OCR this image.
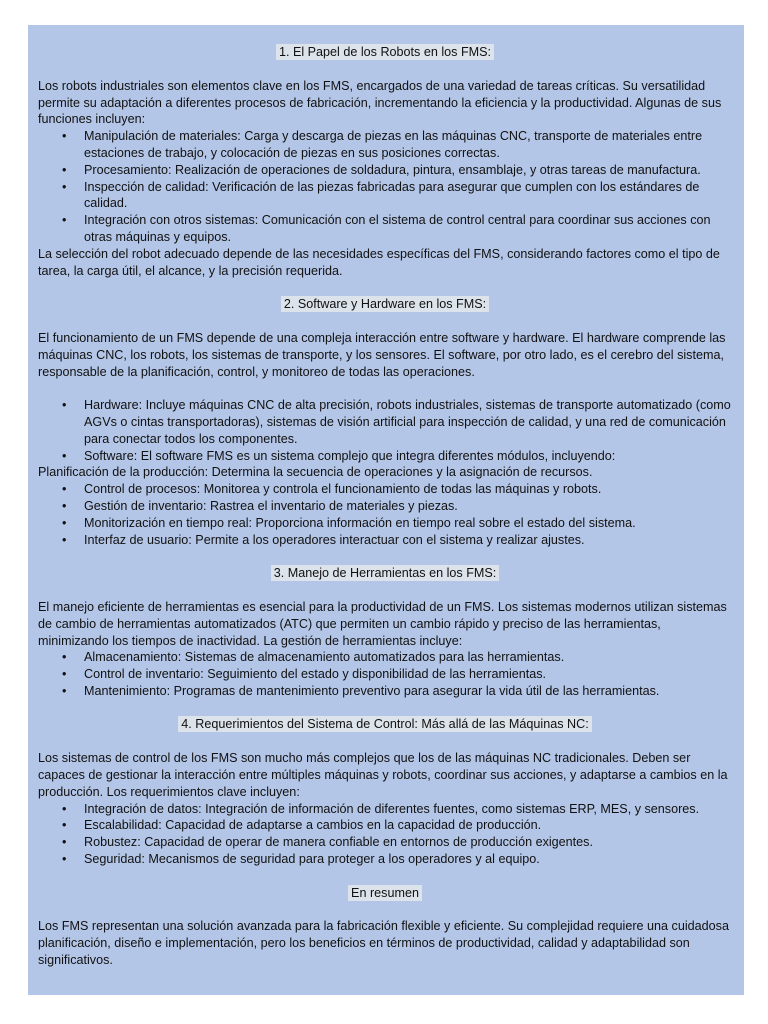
1. El Papel de los Robots en los FMS:

Los robots industriales son elementos clave en los FMS, encargados de una variedad de tareas críticas. Su versatilidad permite su adaptación a diferentes procesos de fabricación, incrementando la eficiencia y la productividad. Algunas de sus funciones incluyen:

• Manipulación de materiales: Carga y descarga de piezas en las máquinas CNC, transporte de materiales entre estaciones de trabajo, y colocación de piezas en sus posiciones correctas.
• Procesamiento: Realización de operaciones de soldadura, pintura, ensamblaje, y otras tareas de manufactura.
• Inspección de calidad: Verificación de las piezas fabricadas para asegurar que cumplen con los estándares de calidad.
• Integración con otros sistemas: Comunicación con el sistema de control central para coordinar sus acciones con otras máquinas y equipos.

La selección del robot adecuado depende de las necesidades específicas del FMS, considerando factores como el tipo de tarea, la carga útil, el alcance, y la precisión requerida.

2. Software y Hardware en los FMS:

El funcionamiento de un FMS depende de una compleja interacción entre software y hardware. El hardware comprende las máquinas CNC, los robots, los sistemas de transporte, y los sensores. El software, por otro lado, es el cerebro del sistema, responsable de la planificación, control, y monitoreo de todas las operaciones.

• Hardware: Incluye máquinas CNC de alta precisión, robots industriales, sistemas de transporte automatizado (como AGVs o cintas transportadoras), sistemas de visión artificial para inspección de calidad, y una red de comunicación para conectar todos los componentes.
• Software: El software FMS es un sistema complejo que integra diferentes módulos, incluyendo:

Planificación de la producción: Determina la secuencia de operaciones y la asignación de recursos.

• Control de procesos: Monitorea y controla el funcionamiento de todas las máquinas y robots.
• Gestión de inventario: Rastrea el inventario de materiales y piezas.
• Monitorización en tiempo real: Proporciona información en tiempo real sobre el estado del sistema.
• Interfaz de usuario: Permite a los operadores interactuar con el sistema y realizar ajustes.
3. Manejo de Herramientas en los FMS:

El manejo eficiente de herramientas es esencial para la productividad de un FMS. Los sistemas modernos utilizan sistemas de cambio de herramientas automatizados (ATC) que permiten un cambio rápido y preciso de las herramientas, minimizando los tiempos de inactividad. La gestión de herramientas incluye:

• Almacenamiento: Sistemas de almacenamiento automatizados para las herramientas.
• Control de inventario: Seguimiento del estado y disponibilidad de las herramientas.
• Mantenimiento: Programas de mantenimiento preventivo para asegurar la vida útil de las herramientas.
4. Requerimientos del Sistema de Control: Más allá de las Máquinas NC:

Los sistemas de control de los FMS son mucho más complejos que los de las máquinas NC tradicionales. Deben ser capaces de gestionar la interacción entre múltiples máquinas y robots, coordinar sus acciones, y adaptarse a cambios en la producción. Los requerimientos clave incluyen:

• Integración de datos: Integración de información de diferentes fuentes, como sistemas ERP, MES, y sensores.
• Escalabilidad: Capacidad de adaptarse a cambios en la capacidad de producción.
• Robustez: Capacidad de operar de manera confiable en entornos de producción exigentes.
• Seguridad: Mecanismos de seguridad para proteger a los operadores y al equipo.
En resumen

Los FMS representan una solución avanzada para la fabricación flexible y eficiente. Su complejidad requiere una cuidadosa planificación, diseño e implementación, pero los beneficios en términos de productividad, calidad y adaptabilidad son significativos.
